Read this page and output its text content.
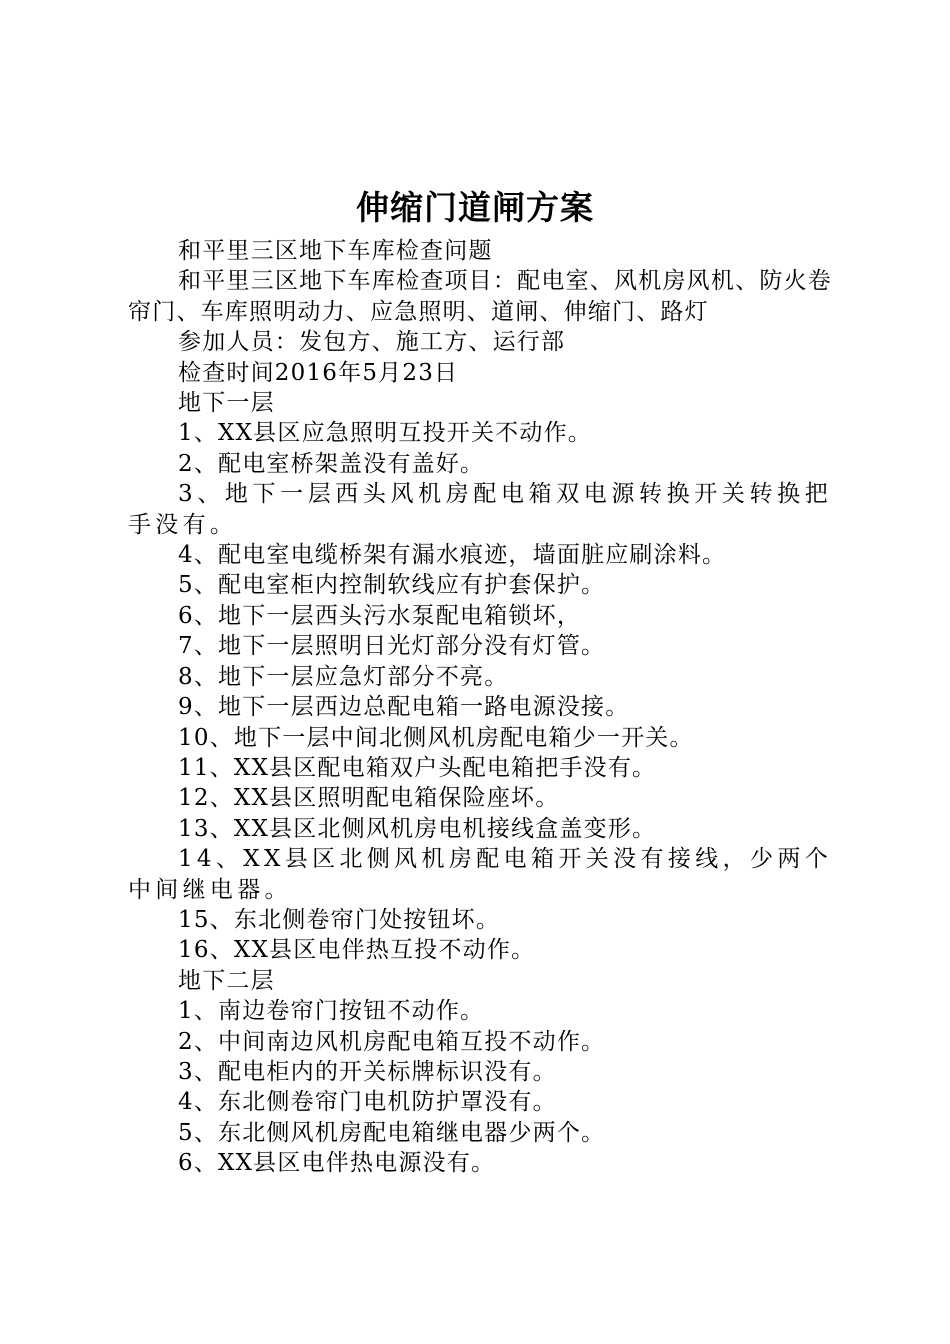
伸缩门道闸方案

和平里三区地下车库检查问题

和平里三区地下车库检查项目：配电室、风机房风机、防火卷帘门、车库照明动力、应急照明、道闸、伸缩门、路灯

参加人员：发包方、施工方、运行部

检查时间2016年5月23日

地下一层

1、XX县区应急照明互投开关不动作。

2、配电室桥架盖没有盖好。

3、地下一层西头风机房配电箱双电源转换开关转换把手没有。

4、配电室电缆桥架有漏水痕迹，墙面脏应刷涂料。

5、配电室柜内控制软线应有护套保护。

6、地下一层西头污水泵配电箱锁坏，

7、地下一层照明日光灯部分没有灯管。

8、地下一层应急灯部分不亮。

9、地下一层西边总配电箱一路电源没接。

10、地下一层中间北侧风机房配电箱少一开关。

11、XX县区配电箱双户头配电箱把手没有。

12、XX县区照明配电箱保险座坏。

13、XX县区北侧风机房电机接线盒盖变形。

14、XX县区北侧风机房配电箱开关没有接线，少两个中间继电器。

15、东北侧卷帘门处按钮坏。

16、XX县区电伴热互投不动作。

地下二层

1、南边卷帘门按钮不动作。

2、中间南边风机房配电箱互投不动作。

3、配电柜内的开关标牌标识没有。

4、东北侧卷帘门电机防护罩没有。

5、东北侧风机房配电箱继电器少两个。

6、XX县区电伴热电源没有。
